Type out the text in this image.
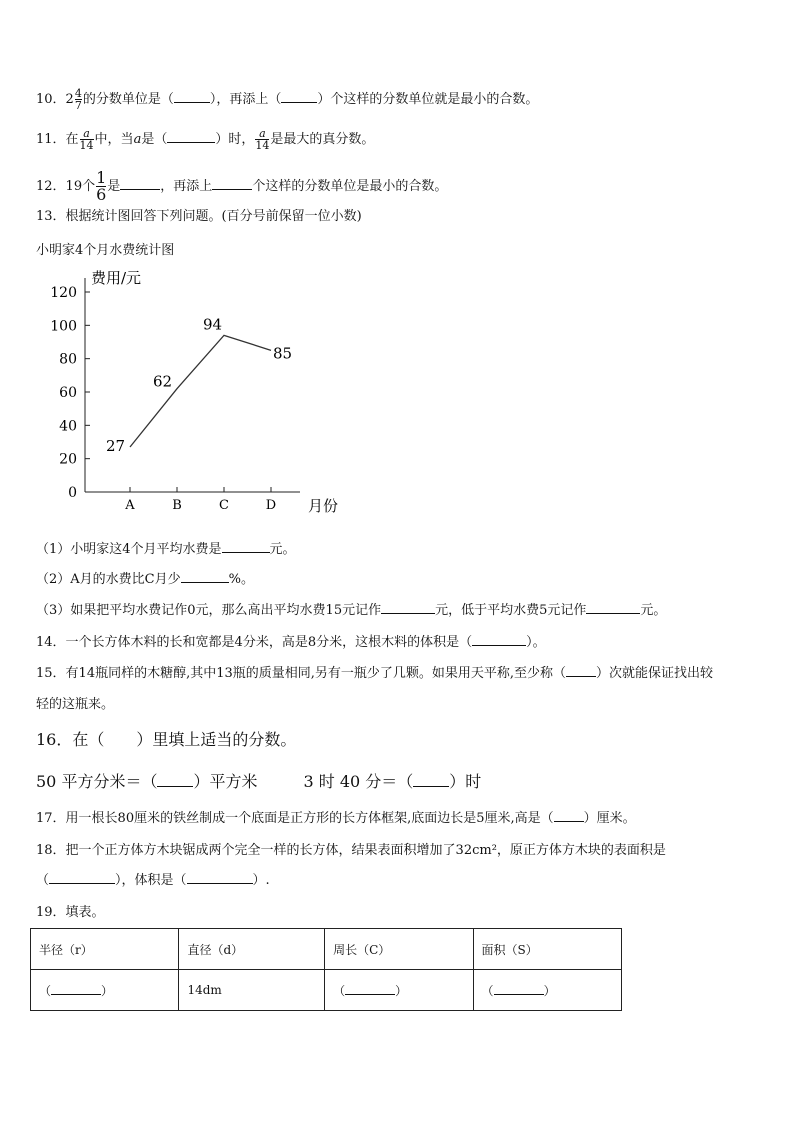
10．$2 \frac{4}{7}$ 的分数单位是（	），再添上（	）个这样的分数单位就是最小的合数。
11．在 $\frac{a}{14}$ 中，当a是（	）时， $\frac{a}{14}$ 是最大的真分数。
12．19个 $\frac{1}{6}$ 是	，再添上	个这样的分数单位是最小的合数。
13．根据统计图回答下列问题。(百分号前保留一位小数)
小明家4个月水费统计图
0
20
40
60
80
100
120
费用/元
月份
A	B	C	D
27
62
94
85
（1）小明家这4个月平均水费是	元。
（2）A月的水费比C月少	%。
（3）如果把平均水费记作0元，那么高出平均水费15元记作	元，低于平均水费5元记作	元。
14．一个长方体木料的长和宽都是4分米，高是8分米，这根木料的体积是（	）。
15．有14瓶同样的木糖醇,其中13瓶的质量相同,另有一瓶少了几颗。如果用天平称,至少称（ ）次就能保证找出较
轻的这瓶来。
16．在（　　）里填上适当的分数。
50 平方分米＝（ ）平方米	3 时 40 分＝（ ）时
17．用一根长80厘米的铁丝制成一个底面是正方形的长方体框架,底面边长是5厘米,高是（ ）厘米。
18．把一个正方体方木块锯成两个完全一样的长方体，结果表面积增加了32cm²，原正方体方木块的表面积是
（	），体积是（	）.
19．填表。
半径（r）	直径（d）	周长（C）	面积（S）
（ ）	14dm	（ ）	（ ）
